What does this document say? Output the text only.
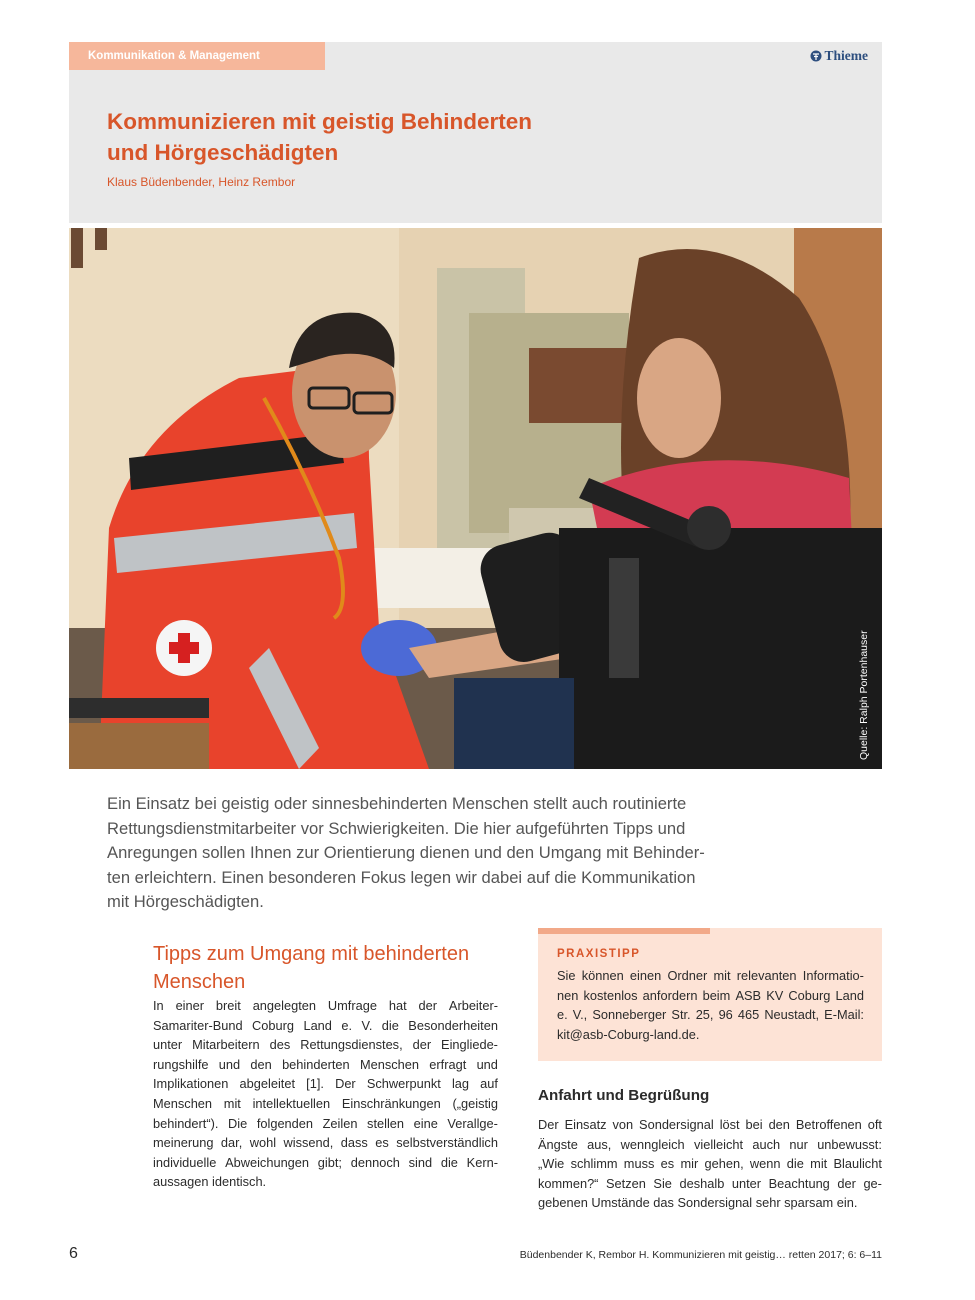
Kommunikation & Management	Thieme
Kommunizieren mit geistig Behinderten
und Hörgeschädigten
Klaus Büdenbender, Heinz Rembor
Quelle: Ralph Portenhauser

Ein Einsatz bei geistig oder sinnesbehinderten Menschen stellt auch routinierte
Rettungsdienstmitarbeiter vor Schwierigkeiten. Die hier aufgeführten Tipps und
Anregungen sollen Ihnen zur Orientierung dienen und den Umgang mit Behinder-
ten erleichtern. Einen besonderen Fokus legen wir dabei auf die Kommunikation
mit Hörgeschädigten.

Tipps zum Umgang mit behinderten
Menschen

In einer breit angelegten Umfrage hat der Arbeiter-
Samariter-Bund Coburg Land e. V. die Besonderheiten
unter Mitarbeitern des Rettungsdienstes, der Eingliede-
rungshilfe und den behinderten Menschen erfragt und
Implikationen abgeleitet [1]. Der Schwerpunkt lag auf
Menschen mit intellektuellen Einschränkungen („geistig
behindert“). Die folgenden Zeilen stellen eine Verallge-
meinerung dar, wohl wissend, dass es selbstverständlich
individuelle Abweichungen gibt; dennoch sind die Kern-
aussagen identisch.

PRAXISTIPP

Sie können einen Ordner mit relevanten Informatio-
nen kostenlos anfordern beim ASB KV Coburg Land
e. V., Sonneberger Str. 25, 96 465 Neustadt, E-Mail:
kit@asb-Coburg-land.de.

Anfahrt und Begrüßung

Der Einsatz von Sondersignal löst bei den Betroffenen oft
Ängste aus, wenngleich vielleicht auch nur unbewusst:
„Wie schlimm muss es mir gehen, wenn die mit Blaulicht
kommen?“ Setzen Sie deshalb unter Beachtung der ge-
gebenen Umstände das Sondersignal sehr sparsam ein.

6	Büdenbender K, Rembor H. Kommunizieren mit geistig… retten 2017; 6: 6–11
